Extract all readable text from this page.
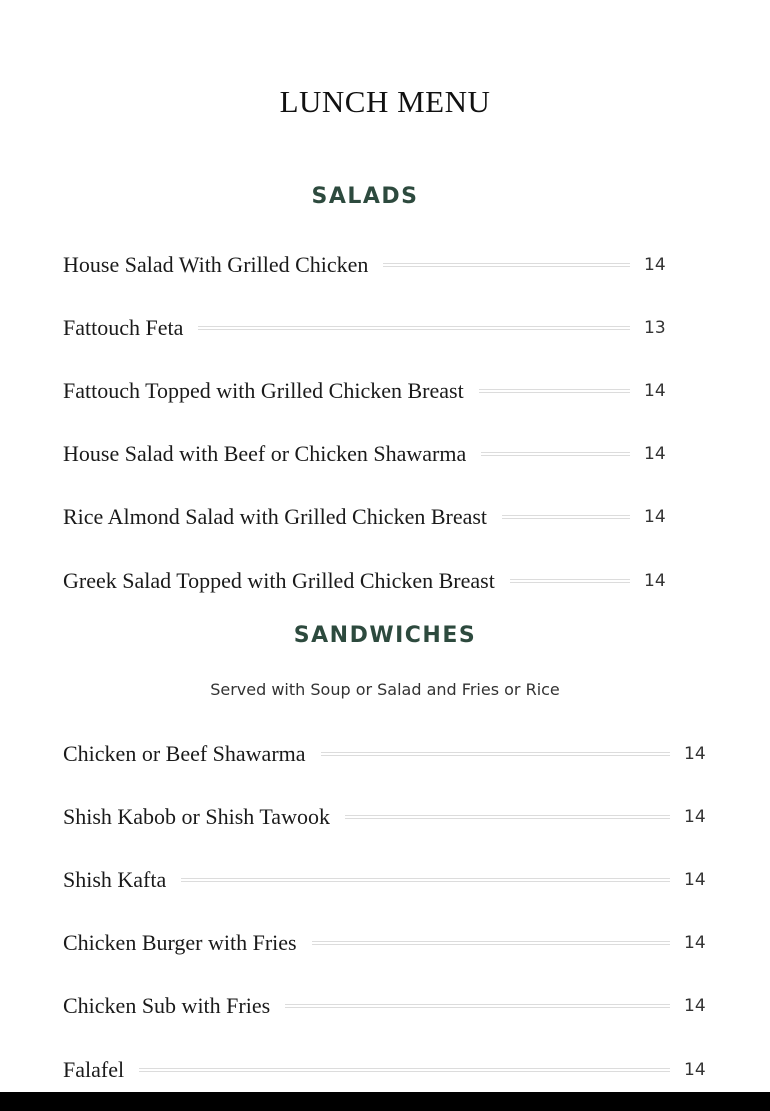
LUNCH MENU
SALADS
House Salad With Grilled Chicken	14
Fattouch Feta	13
Fattouch Topped with Grilled Chicken Breast	14
House Salad with Beef or Chicken Shawarma	14
Rice Almond Salad with Grilled Chicken Breast	14
Greek Salad Topped with Grilled Chicken Breast	14
SANDWICHES

Served with Soup or Salad and Fries or Rice

Chicken or Beef Shawarma	14
Shish Kabob or Shish Tawook	14
Shish Kafta	14
Chicken Burger with Fries	14
Chicken Sub with Fries	14
Falafel	14
